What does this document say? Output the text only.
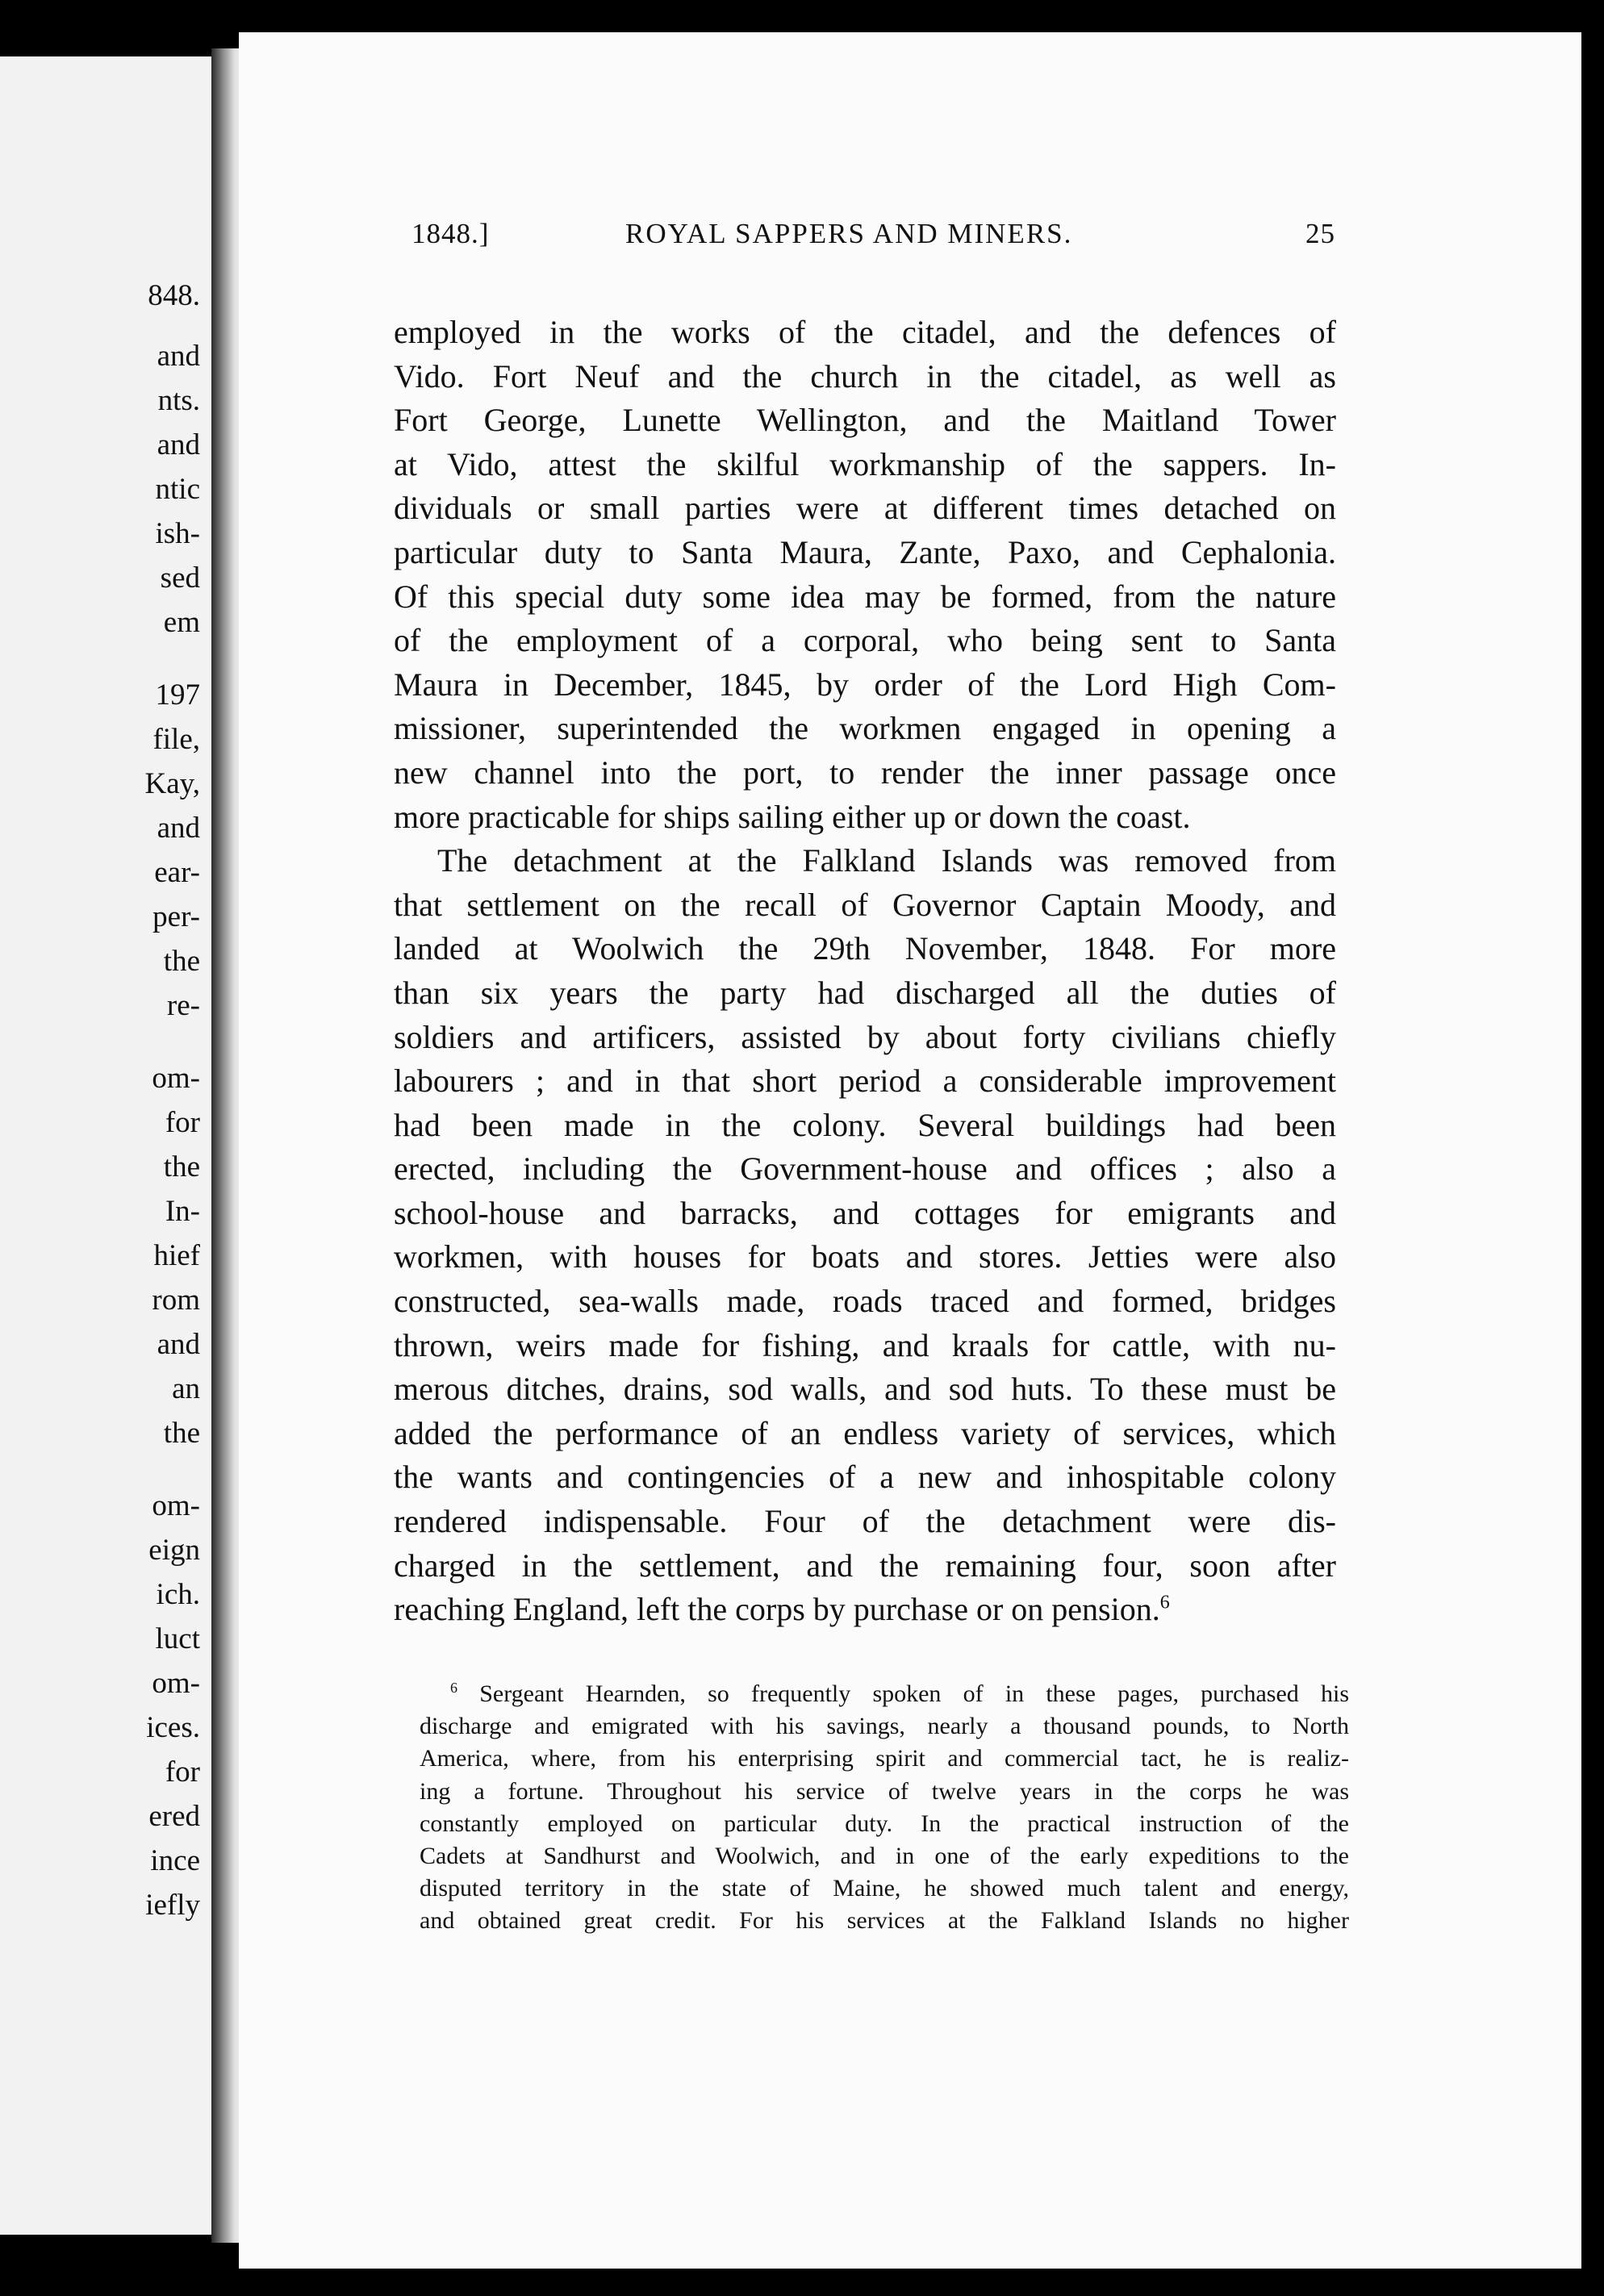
848.
and
nts.
and
ntic
ish-
sed
em
197
file,
Kay,
and
ear-
per-
the
re-
om-
for
the
In-
hief
rom
and
an
the
om-
eign
ich.
luct
om-
ices.
for
ered
ince
iefly
1848.]	ROYAL SAPPERS AND MINERS.	25

employed in the works of the citadel, and the defences of
Vido. Fort Neuf and the church in the citadel, as well as
Fort George, Lunette Wellington, and the Maitland Tower
at Vido, attest the skilful workmanship of the sappers. In-
dividuals or small parties were at different times detached on
particular duty to Santa Maura, Zante, Paxo, and Cephalonia.
Of this special duty some idea may be formed, from the nature
of the employment of a corporal, who being sent to Santa
Maura in December, 1845, by order of the Lord High Com-
missioner, superintended the workmen engaged in opening a
new channel into the port, to render the inner passage once
more practicable for ships sailing either up or down the coast.

The detachment at the Falkland Islands was removed from
that settlement on the recall of Governor Captain Moody, and
landed at Woolwich the 29th November, 1848. For more
than six years the party had discharged all the duties of
soldiers and artificers, assisted by about forty civilians chiefly
labourers ; and in that short period a considerable improvement
had been made in the colony. Several buildings had been
erected, including the Government-house and offices ; also a
school-house and barracks, and cottages for emigrants and
workmen, with houses for boats and stores. Jetties were also
constructed, sea-walls made, roads traced and formed, bridges
thrown, weirs made for fishing, and kraals for cattle, with nu-
merous ditches, drains, sod walls, and sod huts. To these must be
added the performance of an endless variety of services, which
the wants and contingencies of a new and inhospitable colony
rendered indispensable. Four of the detachment were dis-
charged in the settlement, and the remaining four, soon after
reaching England, left the corps by purchase or on pension.$^6$

$^6$ Sergeant Hearnden, so frequently spoken of in these pages, purchased his
discharge and emigrated with his savings, nearly a thousand pounds, to North
America, where, from his enterprising spirit and commercial tact, he is realiz-
ing a fortune. Throughout his service of twelve years in the corps he was
constantly employed on particular duty. In the practical instruction of the
Cadets at Sandhurst and Woolwich, and in one of the early expeditions to the
disputed territory in the state of Maine, he showed much talent and energy,
and obtained great credit. For his services at the Falkland Islands no higher
